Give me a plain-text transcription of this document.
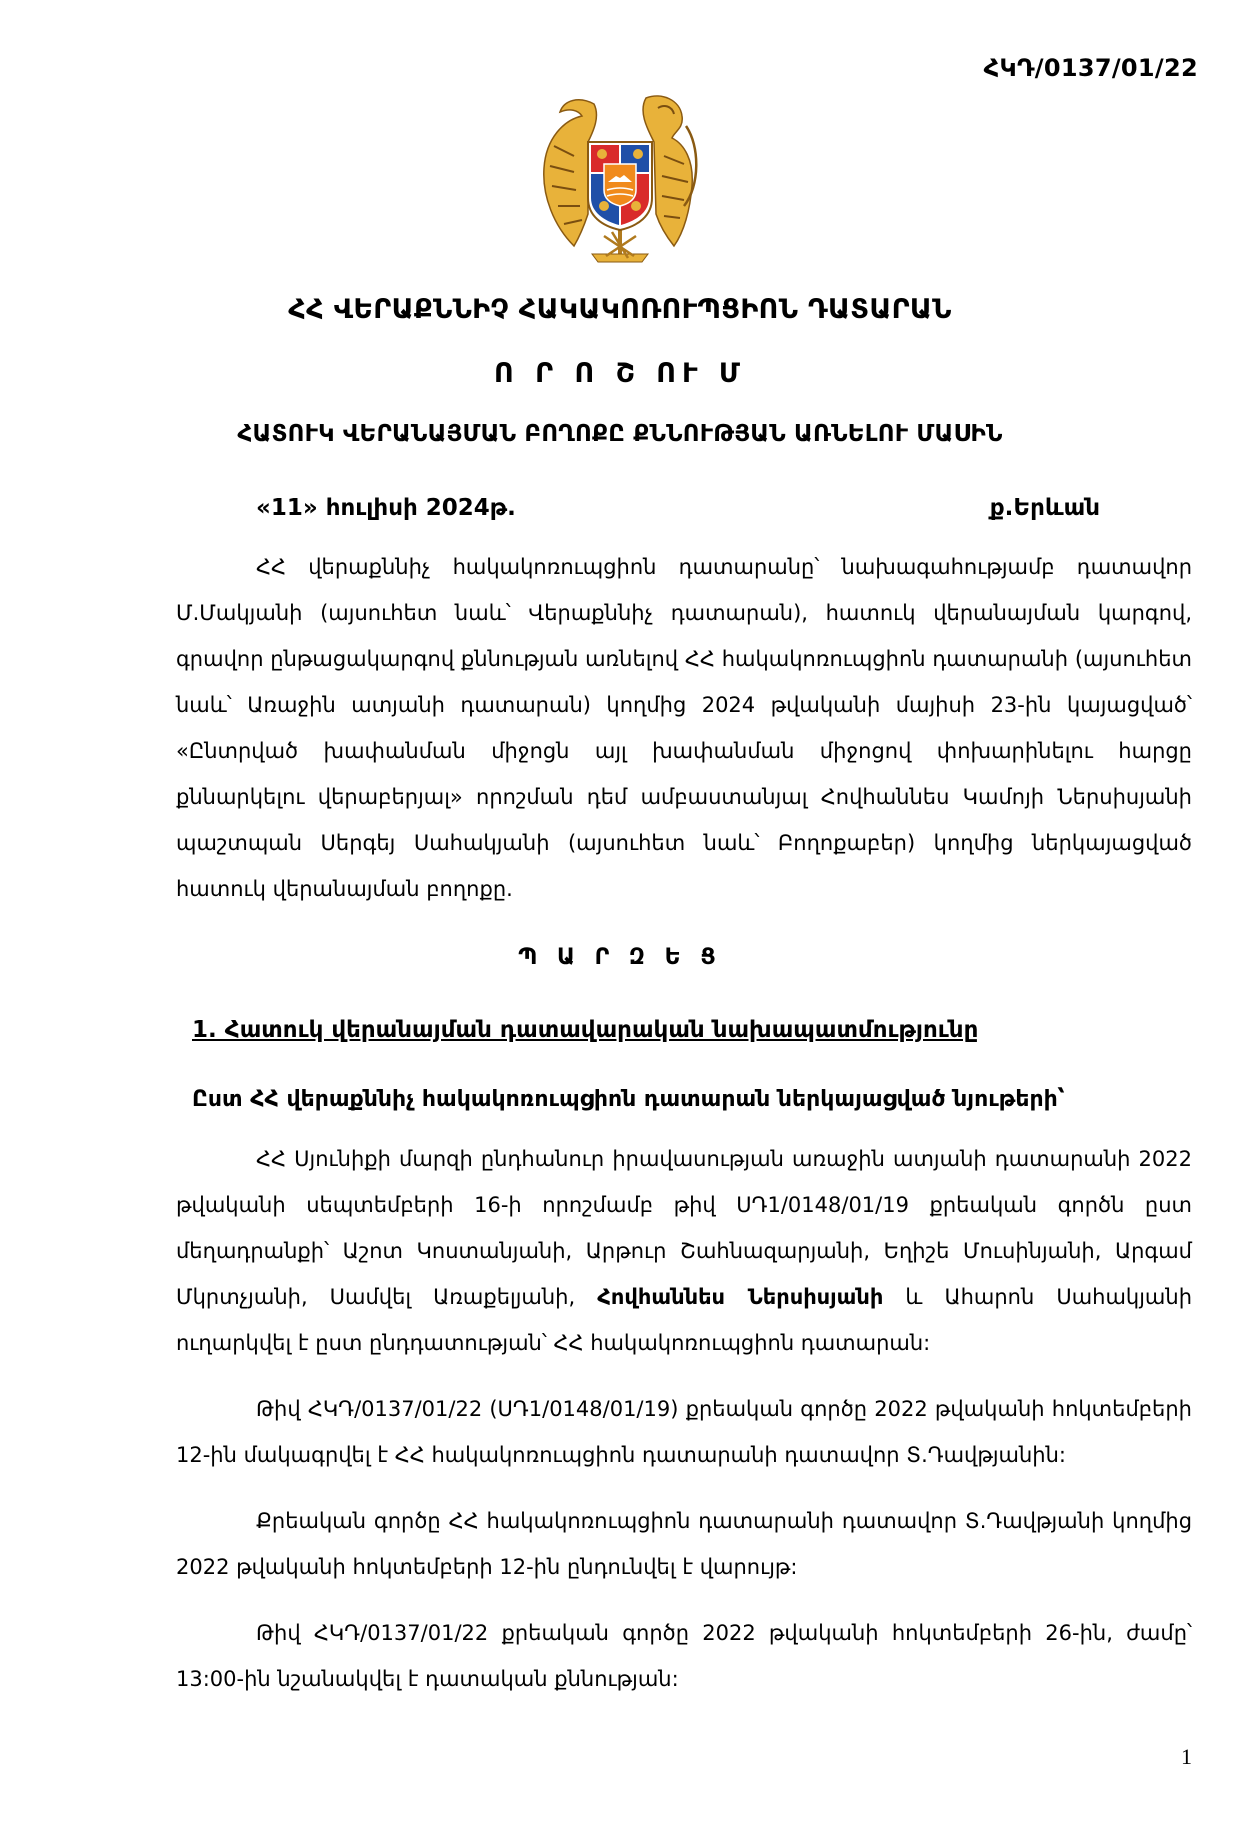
ՀԿԴ/0137/01/22
ՀՀ ՎԵՐԱՔՆՆԻՉ ՀԱԿԱԿՈՌՈՒՊՑԻՈՆ ԴԱՏԱՐԱՆ
Ո Ր Ո Շ ՈՒ Մ
ՀԱՏՈՒԿ ՎԵՐԱՆԱՅՄԱՆ ԲՈՂՈՔԸ ՔՆՆՈՒԹՅԱՆ ԱՌՆԵԼՈՒ ՄԱՍԻՆ
«11» հուլիսի 2024թ.	ք.Երևան

ՀՀ վերաքննիչ հակակոռուպցիոն դատարանը՝ նախագահությամբ դատավոր Մ.Մակյանի (այսուհետ նաև՝ Վերաքննիչ դատարան), հատուկ վերանայման կարգով, գրավոր ընթացակարգով քննության առնելով ՀՀ հակակոռուպցիոն դատարանի (այսուհետ նաև՝ Առաջին ատյանի դատարան) կողմից 2024 թվականի մայիսի 23-ին կայացված՝ «Ընտրված խափանման միջոցն այլ խափանման միջոցով փոխարինելու հարցը քննարկելու վերաբերյալ» որոշման դեմ ամբաստանյալ Հովհաննես Կամոյի Ներսիսյանի պաշտպան Սերգեյ Սահակյանի (այսուհետ նաև՝ Բողոքաբեր) կողմից ներկայացված հատուկ վերանայման բողոքը.

Պ Ա Ր Զ Ե Ց
1. Հատուկ վերանայման դատավարական նախապատմությունը
Ըստ ՀՀ վերաքննիչ հակակոռուպցիոն դատարան ներկայացված նյութերի՝

ՀՀ Սյունիքի մարզի ընդհանուր իրավասության առաջին ատյանի դատարանի 2022 թվականի սեպտեմբերի 16-ի որոշմամբ թիվ ՍԴ1/0148/01/19 քրեական գործն ըստ մեղադրանքի՝ Աշոտ Կոստանյանի, Արթուր Շահնազարյանի, Եղիշե Մուսինյանի, Արգամ Մկրտչյանի, Սամվել Առաքելյանի, Հովհաննես Ներսիսյանի և Ահարոն Սահակյանի ուղարկվել է ըստ ընդդատության՝ ՀՀ հակակոռուպցիոն դատարան:

Թիվ ՀԿԴ/0137/01/22 (ՍԴ1/0148/01/19) քրեական գործը 2022 թվականի հոկտեմբերի 12-ին մակագրվել է ՀՀ հակակոռուպցիոն դատարանի դատավոր Տ.Դավթյանին:

Քրեական գործը ՀՀ հակակոռուպցիոն դատարանի դատավոր Տ.Դավթյանի կողմից 2022 թվականի հոկտեմբերի 12-ին ընդունվել է վարույթ:

Թիվ ՀԿԴ/0137/01/22 քրեական գործը 2022 թվականի հոկտեմբերի 26-ին, ժամը՝ 13:00-ին նշանակվել է դատական քննության:

1
